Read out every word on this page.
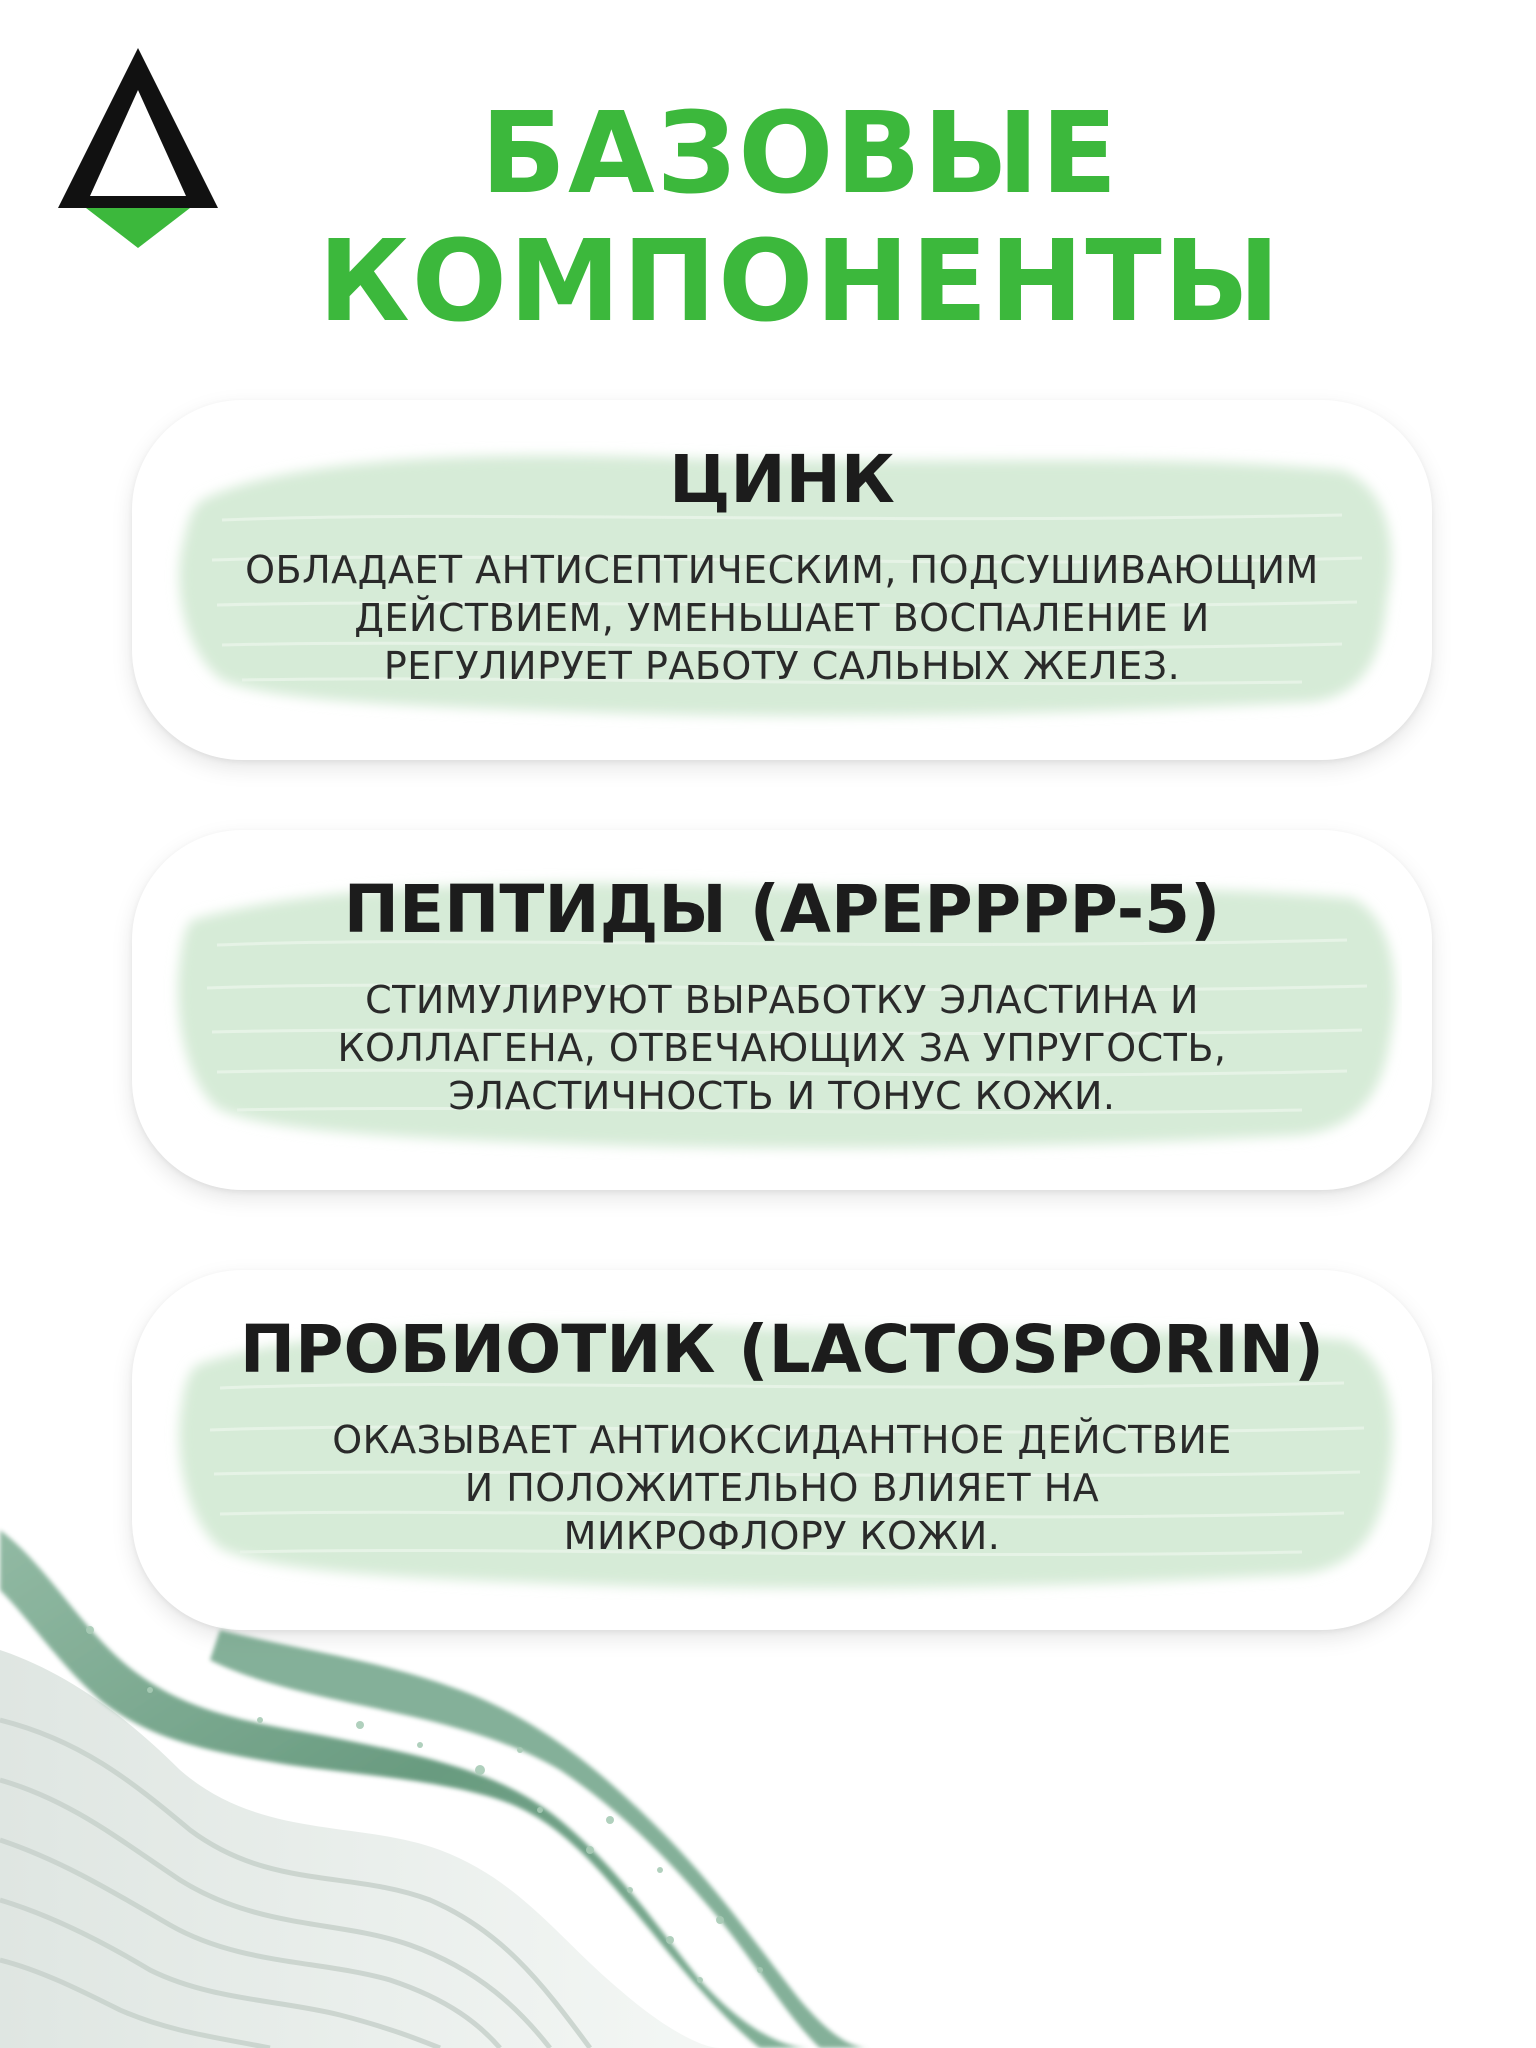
БАЗОВЫЕ
КОМПОНЕНТЫ
ЦИНК

ОБЛАДАЕТ АНТИСЕПТИЧЕСКИМ, ПОДСУШИВАЮЩИМ
ДЕЙСТВИЕМ, УМЕНЬШАЕТ ВОСПАЛЕНИЕ И
РЕГУЛИРУЕТ РАБОТУ САЛЬНЫХ ЖЕЛЕЗ.

ПЕПТИДЫ (APEPPPP-5)

СТИМУЛИРУЮТ ВЫРАБОТКУ ЭЛАСТИНА И
КОЛЛАГЕНА, ОТВЕЧАЮЩИХ ЗА УПРУГОСТЬ,
ЭЛАСТИЧНОСТЬ И ТОНУС КОЖИ.

ПРОБИОТИК (LACTOSPORIN)

ОКАЗЫВАЕТ АНТИОКСИДАНТНОЕ ДЕЙСТВИЕ
И ПОЛОЖИТЕЛЬНО ВЛИЯЕТ НА
МИКРОФЛОРУ КОЖИ.
